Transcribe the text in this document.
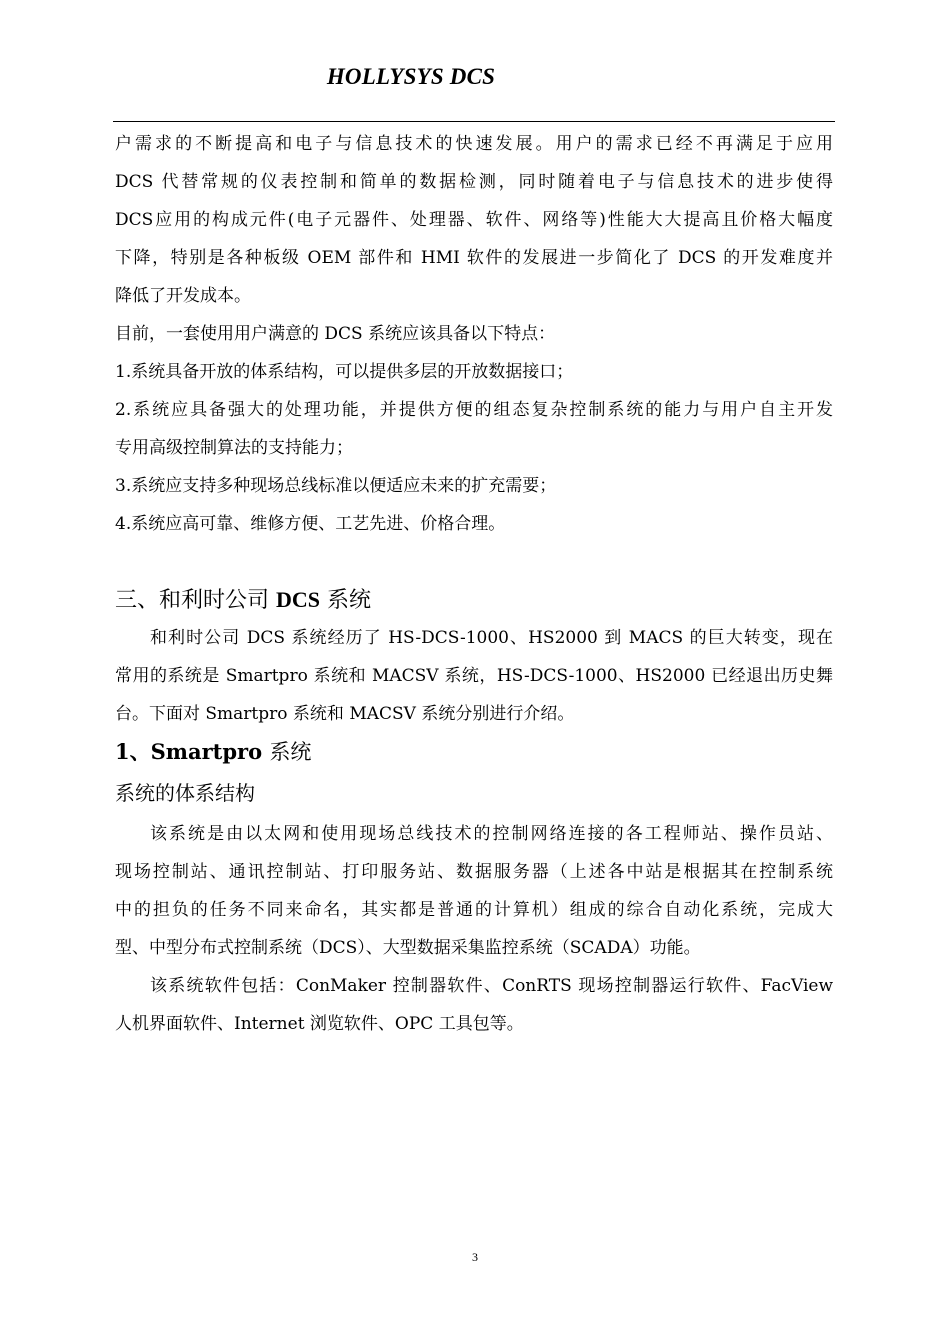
HOLLYSYS DCS

户需求的不断提高和电子与信息技术的快速发展。用户的需求已经不再满足于应用
DCS 代替常规的仪表控制和简单的数据检测，同时随着电子与信息技术的进步使得
DCS应用的构成元件(电子元器件、处理器、软件、网络等)性能大大提高且价格大幅度
下降，特别是各种板级 OEM 部件和 HMI 软件的发展进一步简化了 DCS 的开发难度并
降低了开发成本。

目前，一套使用用户满意的 DCS 系统应该具备以下特点：
1.系统具备开放的体系结构，可以提供多层的开放数据接口；
2.系统应具备强大的处理功能，并提供方便的组态复杂控制系统的能力与用户自主开发
专用高级控制算法的支持能力；
3.系统应支持多种现场总线标准以便适应未来的扩充需要；
4.系统应高可靠、维修方便、工艺先进、价格合理。

三、和利时公司 DCS 系统

和利时公司 DCS 系统经历了 HS-DCS-1000、HS2000 到 MACS 的巨大转变，现在
常用的系统是 Smartpro 系统和 MACSV 系统，HS-DCS-1000、HS2000 已经退出历史舞
台。下面对 Smartpro 系统和 MACSV 系统分别进行介绍。

1、Smartpro 系统
系统的体系结构

该系统是由以太网和使用现场总线技术的控制网络连接的各工程师站、操作员站、
现场控制站、通讯控制站、打印服务站、数据服务器（上述各中站是根据其在控制系统
中的担负的任务不同来命名，其实都是普通的计算机）组成的综合自动化系统，完成大
型、中型分布式控制系统（DCS）、大型数据采集监控系统（SCADA）功能。

该系统软件包括：ConMaker 控制器软件、ConRTS 现场控制器运行软件、FacView
人机界面软件、Internet 浏览软件、OPC 工具包等。

3
